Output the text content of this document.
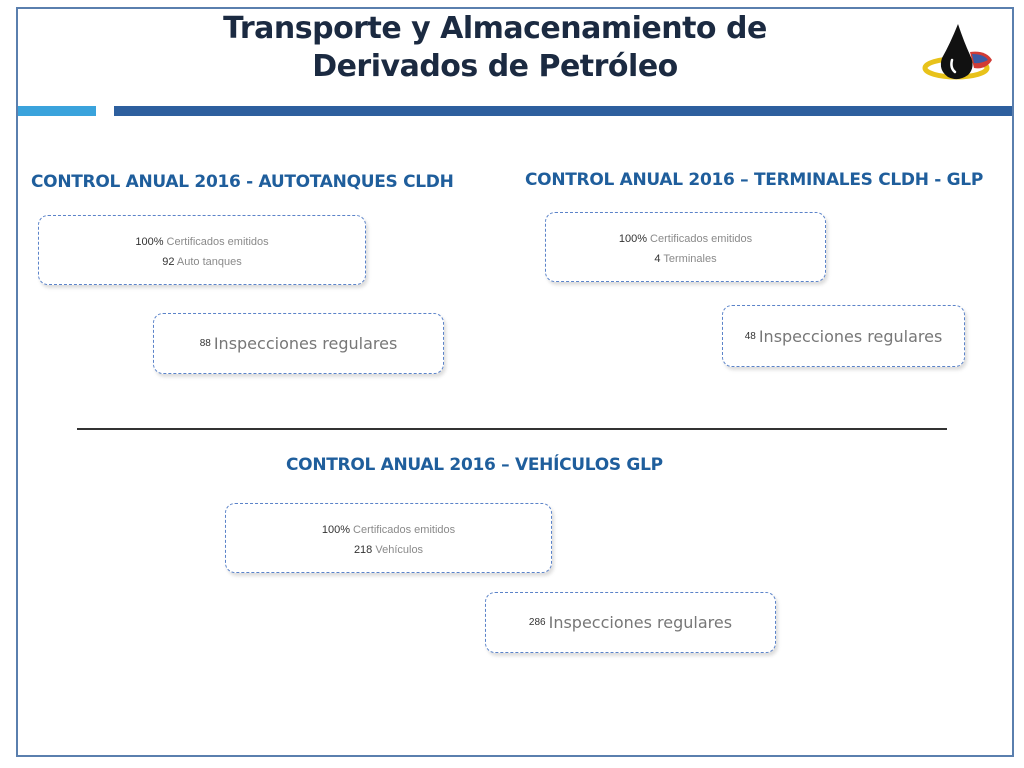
Transporte y Almacenamiento de
Derivados de Petróleo
CONTROL ANUAL 2016 - AUTOTANQUES CLDH
100% Certificados emitidos
92 Auto tanques
88 Inspecciones regulares
CONTROL ANUAL 2016 – TERMINALES CLDH - GLP
100% Certificados emitidos
4 Terminales
48 Inspecciones regulares
CONTROL ANUAL 2016 – VEHÍCULOS GLP
100% Certificados emitidos
218 Vehículos
286 Inspecciones regulares
